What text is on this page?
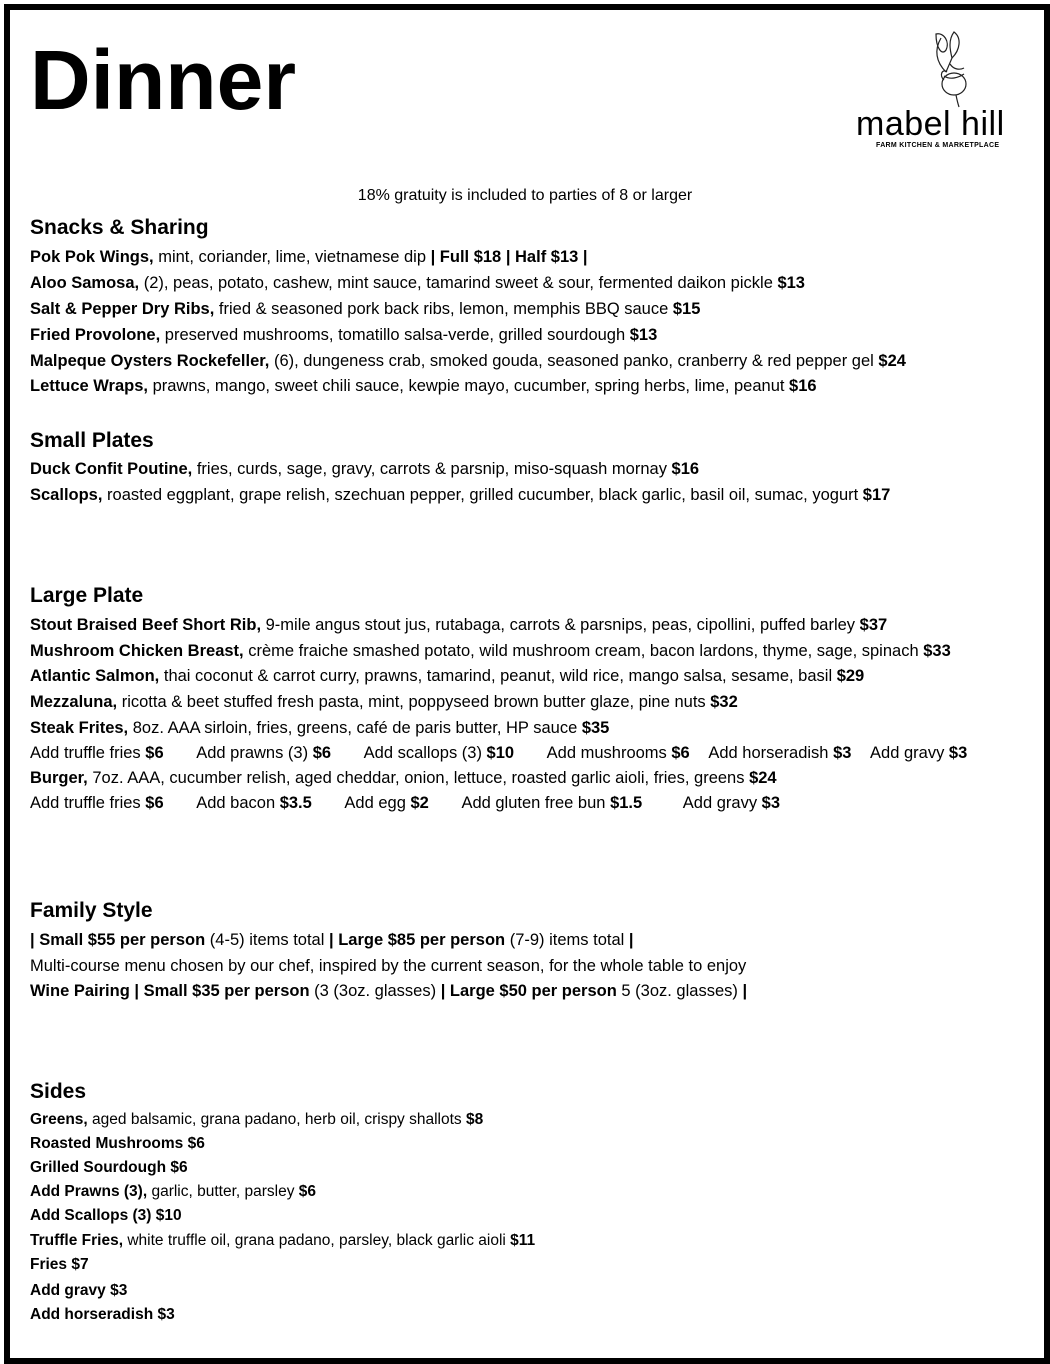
Dinner	mabel hill
FARM KITCHEN & MARKETPLACE
18% gratuity is included to parties of 8 or larger
Snacks & Sharing
Pok Pok Wings, mint, coriander, lime, vietnamese dip | Full $18 | Half $13 |
Aloo Samosa, (2), peas, potato, cashew, mint sauce, tamarind sweet & sour, fermented daikon pickle $13
Salt & Pepper Dry Ribs, fried & seasoned pork back ribs, lemon, memphis BBQ sauce $15
Fried Provolone, preserved mushrooms, tomatillo salsa-verde, grilled sourdough $13
Malpeque Oysters Rockefeller, (6), dungeness crab, smoked gouda, seasoned panko, cranberry & red pepper gel $24
Lettuce Wraps, prawns, mango, sweet chili sauce, kewpie mayo, cucumber, spring herbs, lime, peanut $16
Small Plates
Duck Confit Poutine, fries, curds, sage, gravy, carrots & parsnip, miso-squash mornay $16
Scallops, roasted eggplant, grape relish, szechuan pepper, grilled cucumber, black garlic, basil oil, sumac, yogurt $17
Large Plate
Stout Braised Beef Short Rib, 9-mile angus stout jus, rutabaga, carrots & parsnips, peas, cipollini, puffed barley $37
Mushroom Chicken Breast, crème fraiche smashed potato, wild mushroom cream, bacon lardons, thyme, sage, spinach $33
Atlantic Salmon, thai coconut & carrot curry, prawns, tamarind, peanut, wild rice, mango salsa, sesame, basil $29
Mezzaluna, ricotta & beet stuffed fresh pasta, mint, poppyseed brown butter glaze, pine nuts $32
Steak Frites, 8oz. AAA sirloin, fries, greens, café de paris butter, HP sauce $35
Add truffle fries $6 Add prawns (3) $6 Add scallops (3) $10 Add mushrooms $6 Add horseradish $3 Add gravy $3
Burger, 7oz. AAA, cucumber relish, aged cheddar, onion, lettuce, roasted garlic aioli, fries, greens $24
Add truffle fries $6 Add bacon $3.5 Add egg $2 Add gluten free bun $1.5 Add gravy $3
Family Style
| Small $55 per person (4-5) items total | Large $85 per person (7-9) items total |
Multi-course menu chosen by our chef, inspired by the current season, for the whole table to enjoy
Wine Pairing | Small $35 per person (3 (3oz. glasses) | Large $50 per person 5 (3oz. glasses) |
Sides
Greens, aged balsamic, grana padano, herb oil, crispy shallots $8
Roasted Mushrooms $6
Grilled Sourdough $6
Add Prawns (3), garlic, butter, parsley $6
Add Scallops (3) $10
Truffle Fries, white truffle oil, grana padano, parsley, black garlic aioli $11
Fries $7
Add gravy $3
Add horseradish $3
